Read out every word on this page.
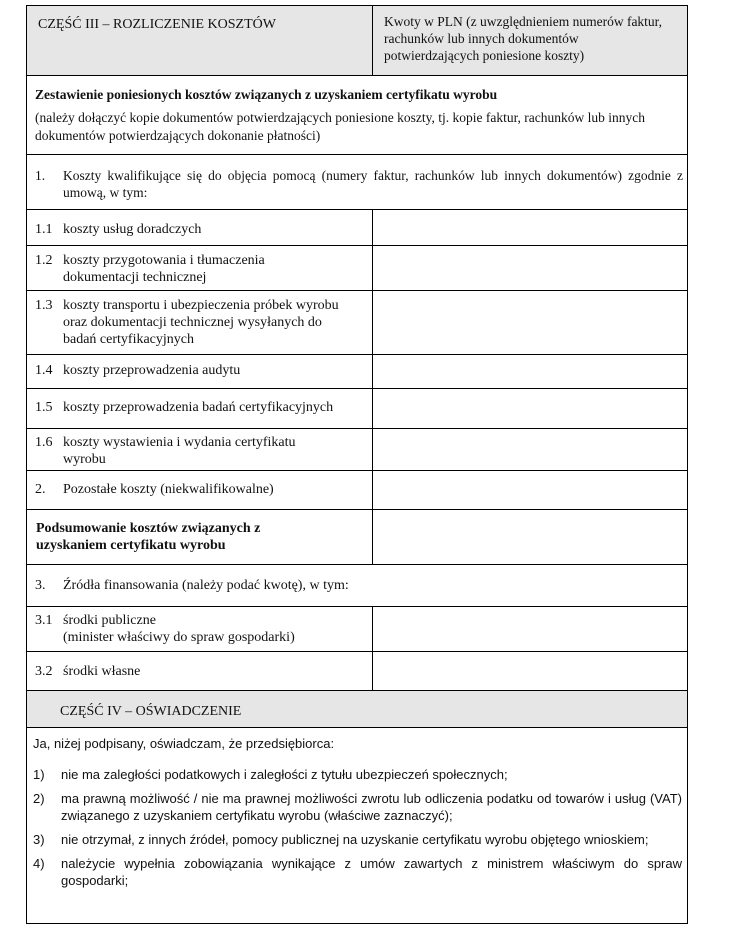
CZĘŚĆ III – ROZLICZENIE KOSZTÓW	Kwoty w PLN (z uwzględnieniem numerów faktur, rachunków lub innych dokumentów potwierdzających poniesione koszty)
Zestawienie poniesionych kosztów związanych z uzyskaniem certyfikatu wyrobu
(należy dołączyć kopie dokumentów potwierdzających poniesione koszty, tj. kopie faktur, rachunków lub innych dokumentów potwierdzających dokonanie płatności)
1.	Koszty kwalifikujące się do objęcia pomocą (numery faktur, rachunków lub innych dokumentów) zgodnie z umową, w tym:
1.1 koszty usług doradczych
1.2 koszty przygotowania i tłumaczenia dokumentacji technicznej
1.3 koszty transportu i ubezpieczenia próbek wyrobu oraz dokumentacji technicznej wysyłanych do badań certyfikacyjnych
1.4 koszty przeprowadzenia audytu
1.5 koszty przeprowadzenia badań certyfikacyjnych
1.6 koszty wystawienia i wydania certyfikatu wyrobu
2.	Pozostałe koszty (niekwalifikowalne)
Podsumowanie kosztów związanych z uzyskaniem certyfikatu wyrobu
3.	Źródła finansowania (należy podać kwotę), w tym:
3.1 środki publiczne
(minister właściwy do spraw gospodarki)
3.2 środki własne
CZĘŚĆ IV – OŚWIADCZENIE
Ja, niżej podpisany, oświadczam, że przedsiębiorca:
1)	nie ma zaległości podatkowych i zaległości z tytułu ubezpieczeń społecznych;
2)	ma prawną możliwość / nie ma prawnej możliwości zwrotu lub odliczenia podatku od towarów i usług (VAT) związanego z uzyskaniem certyfikatu wyrobu (właściwe zaznaczyć);
3)	nie otrzymał, z innych źródeł, pomocy publicznej na uzyskanie certyfikatu wyrobu objętego wnioskiem;
4)	należycie wypełnia zobowiązania wynikające z umów zawartych z ministrem właściwym do spraw gospodarki;
